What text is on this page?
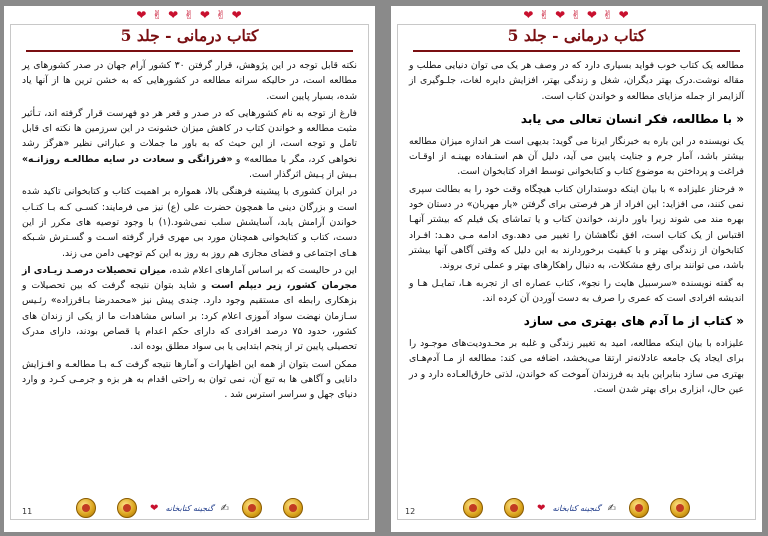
❤ ✌ ❤ ✌ ❤ ✌ ❤
کتاب درمانی - جلد 5

نکته قابل توجه در این پژوهش، قرار گرفتن ۳۰ کشور آرام جهان در صدر کشورهای پر مطالعه است، در حالیکه سرانه مطالعه در کشورهایی که به خشن ترین ها از آنها یاد شده، بسیار پایین است.

فارغ از توجه به نام کشورهایی که در صدر و قعر هر دو فهرست قرار گرفته اند، تـأثیر مثبت مطالعه و خواندن کتاب در کاهش میزان خشونت در این سرزمین ها نکته ای قابل تامل و توجه است، از این حیث که به باور ما جملات و عباراتی نظیر «هرگز رشد نخواهی کرد، مگر با مطالعه» و «فرزانگی و سعادت در سایه مطالعـه روزانـه» بـیش از پـیش اثرگذار است.

در ایران کشوری با پیشینه فرهنگی بالا، همواره بر اهمیت کتاب و کتابخوانی تاکید شده است و بزرگان دینی ما همچون حضرت علی (ع) نیز می فرمایند: کسـی کـه بـا کتـاب خواندن آرامش یابد، آسایشش سلب نمی‌شود.(۱) با وجود توصیه های مکرر از این دست، کتاب و کتابخوانی همچنان مورد بی مهری قرار گرفته اسـت و گسـترش شـبکه هـای اجتماعی و فضای مجازی هم روز به روز به این کم توجهی دامن می زند.

این در حالیست که بر اساس آمارهای اعلام شده، میزان تحصیلات درصـد زیـادی از مجرمان کشور، زیر دیپلم است و شاید بتوان نتیجه گرفت که بین تحصیلات و بزهکاری رابطه ای مستقیم وجود دارد. چندی پیش نیز «محمدرضا بـاقرزاده» رئـیس سـازمان نهضت سواد آموزی اعلام کرد: بر اساس مشاهدات ما از یکی از زندان های کشور، حدود ۷۵ درصد افرادی که دارای حکم اعدام یا قصاص بودند، دارای مدرک تحصیلی پایین تر از پنجم ابتدایی یا بی سواد مطلق بوده اند.

ممکن است بتوان از همه این اظهارات و آمارها نتیجه گرفت کـه بـا مطالعـه و افـزایش دانایی و آگاهی ها به تبع آن، نمی توان به راحتی اقدام به هر بزه و جرمـی کـرد و وارد دنیای جهل و سراسر استرس شد .

❤ گنجینه کتابخانه ✍
11
❤ ✌ ❤ ✌ ❤ ✌ ❤
کتاب درمانی - جلد 5

مطالعه یک کتاب خوب فواید بسیاری دارد که در وصف هر یک می توان دنیایی مطلب و مقاله نوشت.درک بهتر دیگران، شغل و زندگی بهتر، افزایش دایره لغات، جلـوگیری از آلزایمر از جمله مزایای مطالعه و خواندن کتاب است.

« با مطالعه، فکر انسان تعالی می یابد

یک نویسنده در این باره به خبرنگار ایرنا می گوید: بدیهی است هر اندازه میزان مطالعه بیشتر باشد، آمار جرم و جنایت پایین می آید، دلیل آن هم استـفاده بهینـه از اوقـات فراغت و پرداختن به موضوع کتاب و کتابخوانی توسط افراد کتابخوان است.

« فرحناز علیزاده » با بیان اینکه دوستداران کتاب هیچگاه وقت خود را به بطالت سپری نمی کنند، می افزاید: این افراد از هر فرصتی برای گرفتن «یار مهربان» در دستان خود بهره مند می شوند زیرا باور دارند، خواندن کتاب و یا تماشای یک فیلم که بیشتر آنهـا اقتباس از یک کتاب است، افق نگاهشان را تغییر می دهد.وی ادامه مـی دهـد: افـراد کتابخوان از زندگی بهتر و با کیفیت برخوردارند به این دلیل که وقتی آگاهی آنها بیشتر باشد، می توانند برای رفع مشکلات، به دنبال راهکارهای بهتر و عملی تری بروند.

به گفته نویسنده «سرسبیل هایت را نجو»، کتاب عصاره ای از تجربه هـا، تمایـل هـا و اندیشه افرادی است که عمری را صرف به دست آوردن آن کرده اند.

« کتاب از ما آدم های بهتری می سازد

علیزاده با بیان اینکه مطالعه، امید به تغییر زندگی و غلبه بر محـدودیت‌های موجـود را برای ایجاد یک جامعه عادلانه‌تر ارتقا می‌بخشد، اضافه می کند: مطالعه از مـا آدم‌هـای بهتری می سازد بنابراین باید به فرزندان آموخت که خواندن، لذتی خارق‌العـاده دارد و در عین حال، ابزاری برای بهتر شدن است.

❤ گنجینه کتابخانه ✍
12
